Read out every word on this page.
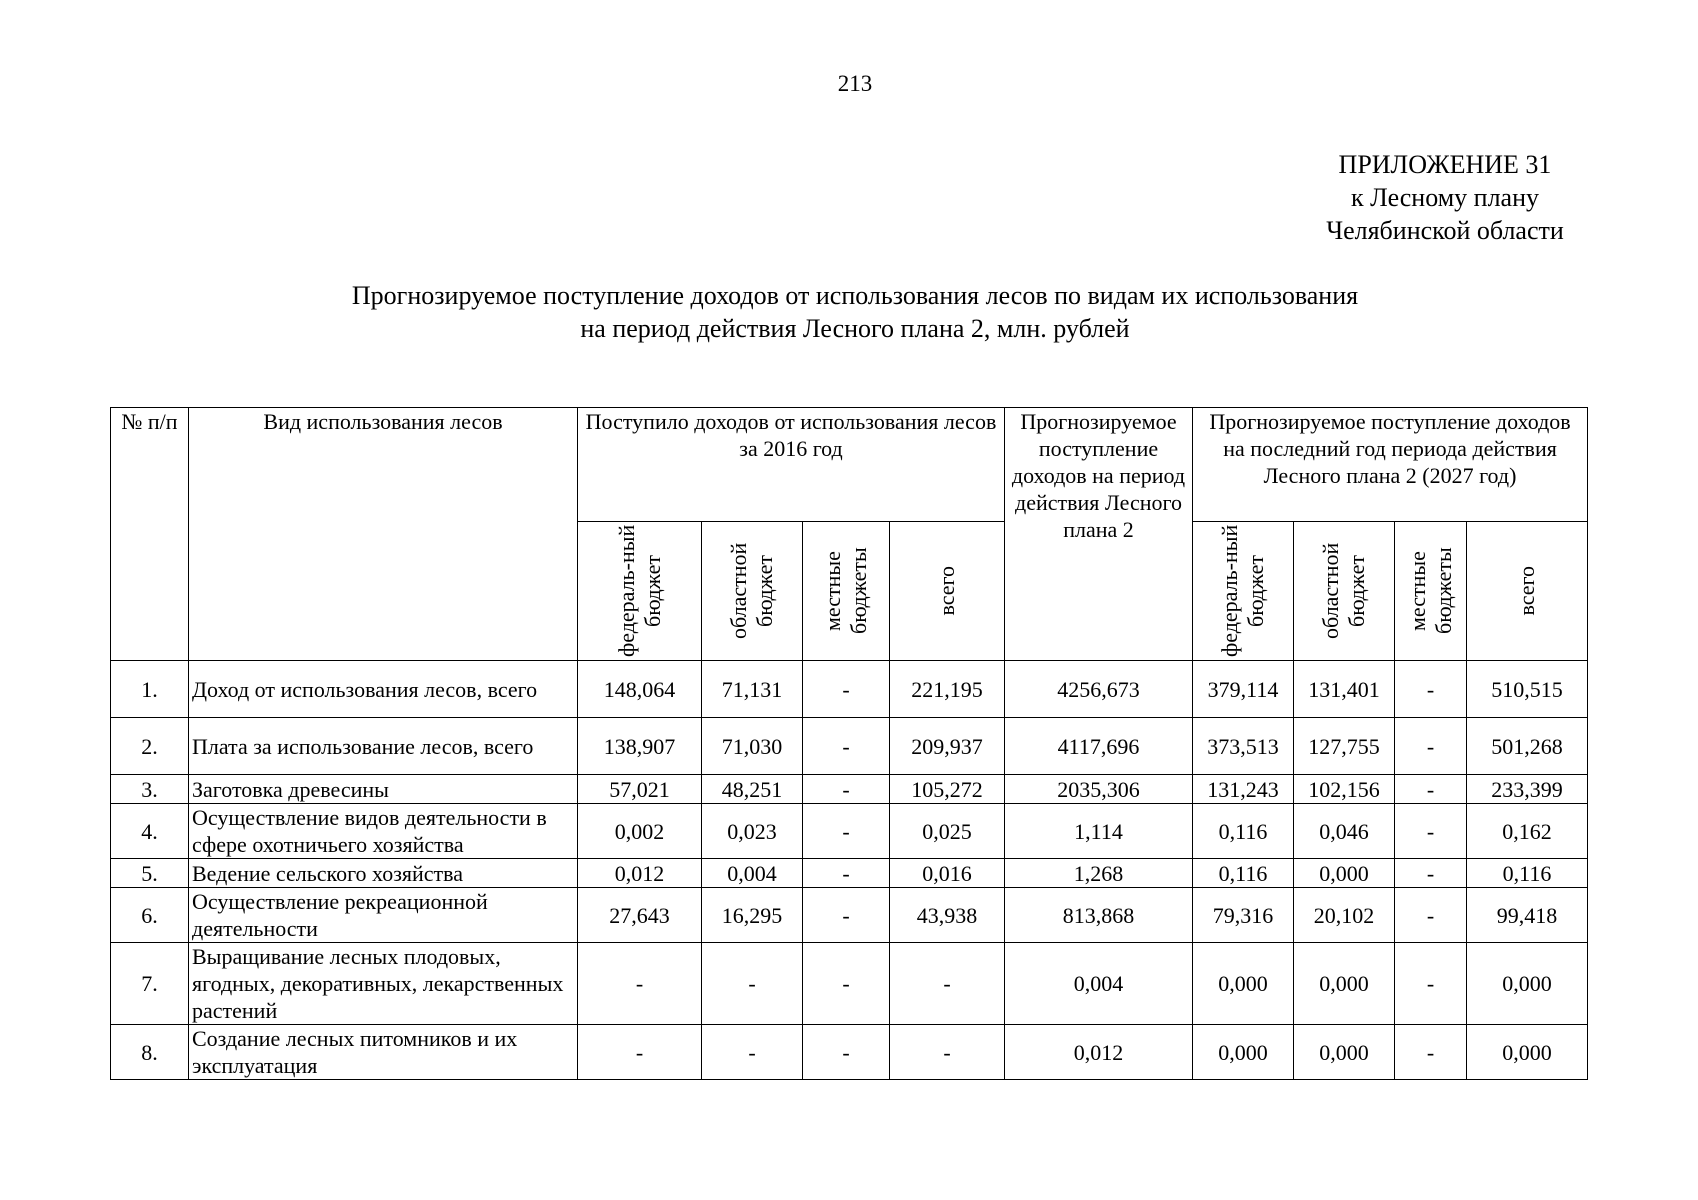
213
ПРИЛОЖЕНИЕ 31
к Лесному плану
Челябинской области
Прогнозируемое поступление доходов от использования лесов по видам их использования
на период действия Лесного плана 2, млн. рублей
№ п/п	Вид использования лесов	Поступило доходов от использования лесов за 2016 год				Прогнозируемое поступление доходов на период действия Лесного плана 2	Прогнозируемое поступление доходов на последний год периода действия Лесного плана 2 (2027 год)			

		федераль-ный бюджет	областной бюджет	местные бюджеты	всего		федераль-ный бюджет	областной бюджет	местные бюджеты	всего

1.	Доход от использования лесов, всего	148,064	71,131	-	221,195	4256,673	379,114	131,401	-	510,515
2.	Плата за использование лесов, всего	138,907	71,030	-	209,937	4117,696	373,513	127,755	-	501,268
3.	Заготовка древесины	57,021	48,251	-	105,272	2035,306	131,243	102,156	-	233,399
4.	Осуществление видов деятельности в сфере охотничьего хозяйства	0,002	0,023	-	0,025	1,114	0,116	0,046	-	0,162
5.	Ведение сельского хозяйства	0,012	0,004	-	0,016	1,268	0,116	0,000	-	0,116
6.	Осуществление рекреационной деятельности	27,643	16,295	-	43,938	813,868	79,316	20,102	-	99,418
7.	Выращивание лесных плодовых, ягодных, декоративных, лекарственных растений	-	-	-	-	0,004	0,000	0,000	-	0,000
8.	Создание лесных питомников и их эксплуатация	-	-	-	-	0,012	0,000	0,000	-	0,000
